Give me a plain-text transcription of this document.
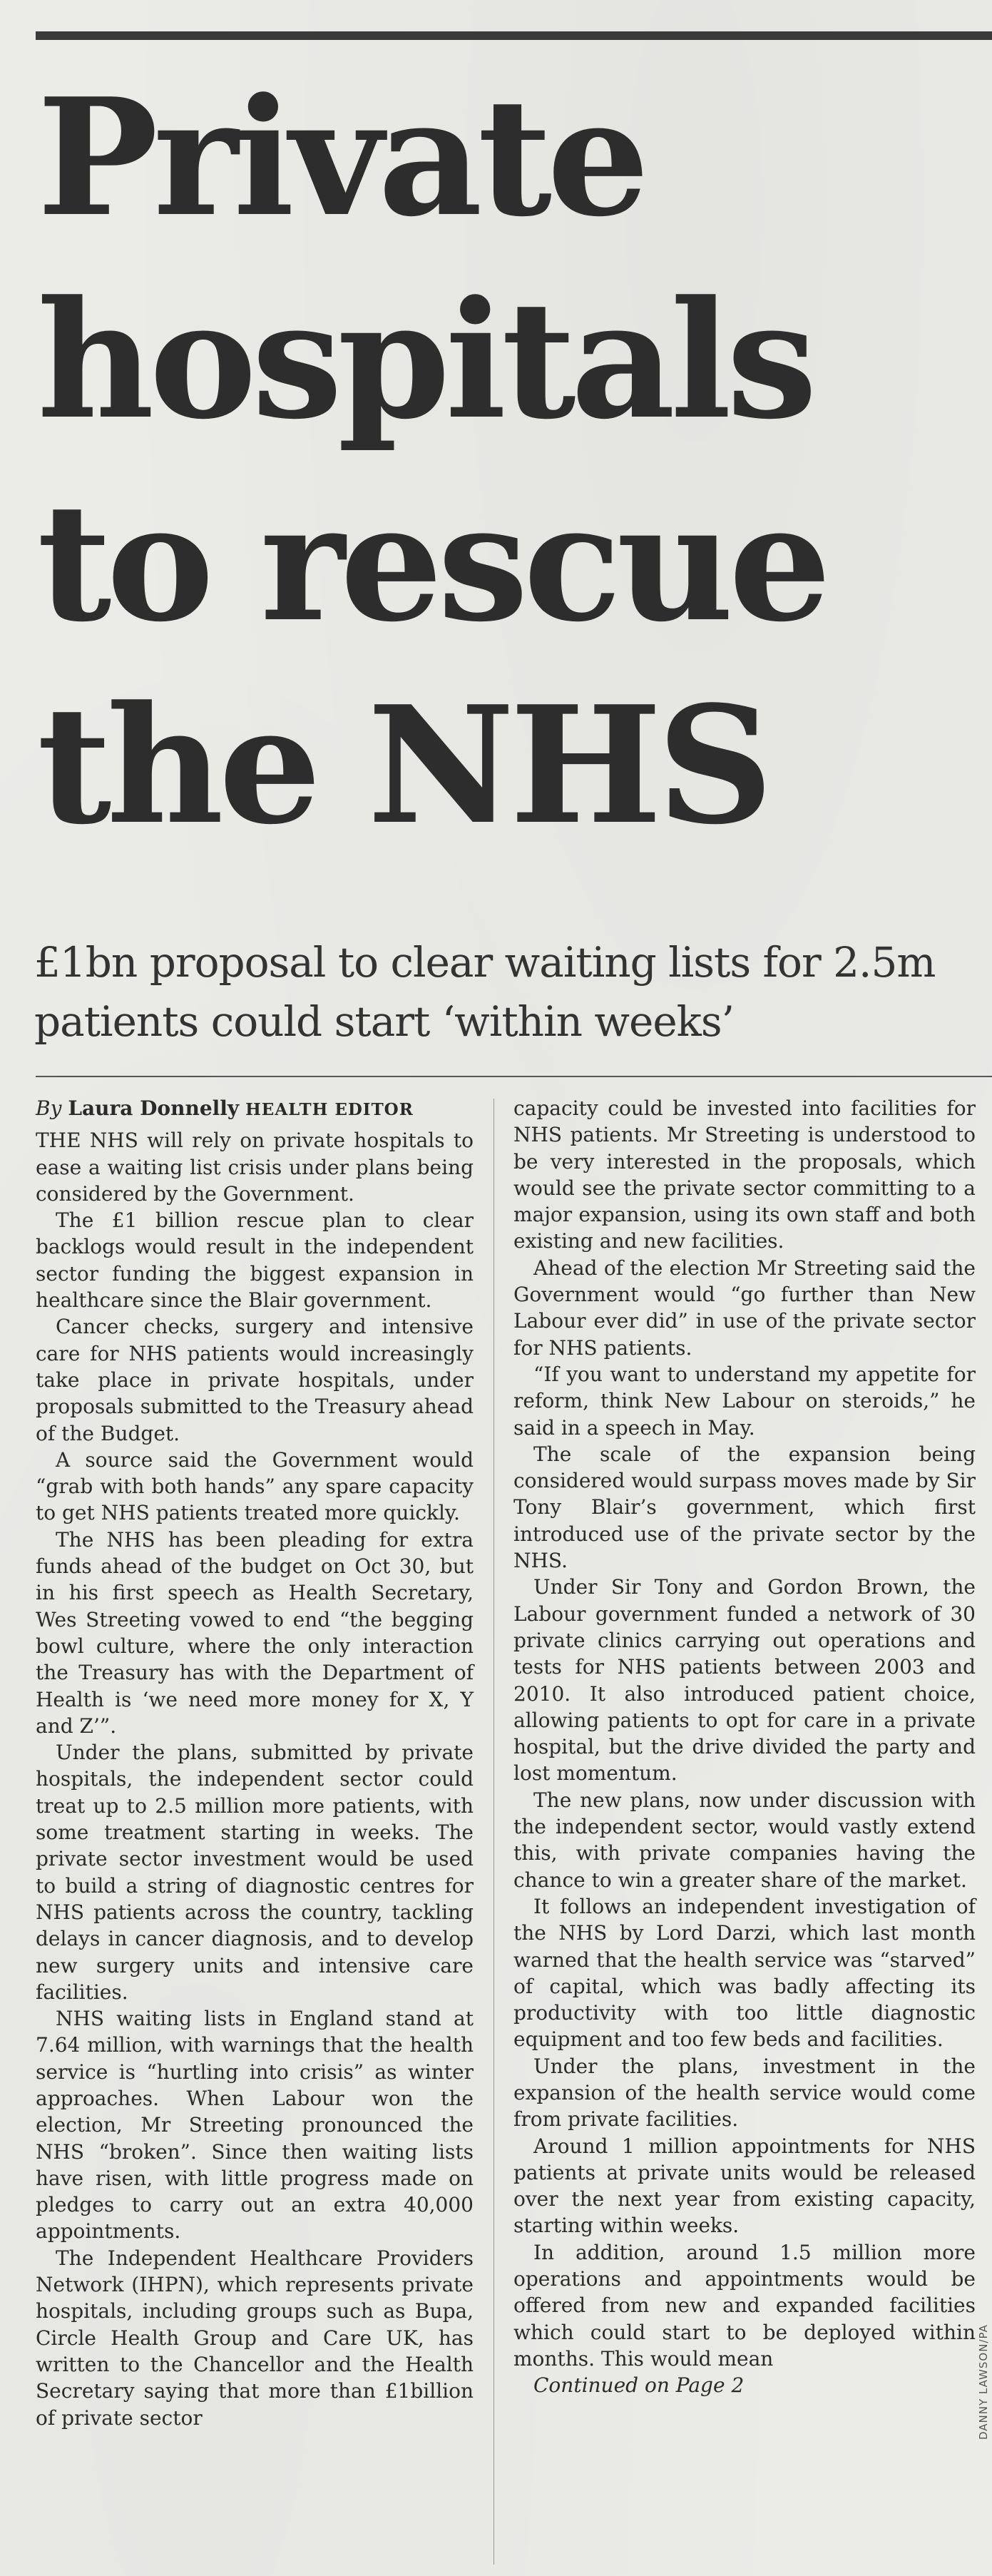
Private hospitals to rescue the NHS
£1bn proposal to clear waiting lists for 2.5m patients could start ‘within weeks’
By Laura Donnelly HEALTH EDITOR

THE NHS will rely on private hospitals to ease a waiting list crisis under plans being considered by the Government.

The £1 billion rescue plan to clear backlogs would result in the independent sector funding the biggest expansion in healthcare since the Blair government.

Cancer checks, surgery and intensive care for NHS patients would increasingly take place in private hospitals, under proposals submitted to the Treasury ahead of the Budget.

A source said the Government would “grab with both hands” any spare capacity to get NHS patients treated more quickly.

The NHS has been pleading for extra funds ahead of the budget on Oct 30, but in his first speech as Health Secretary, Wes Streeting vowed to end “the begging bowl culture, where the only interaction the Treasury has with the Department of Health is ‘we need more money for X, Y and Z’”.

Under the plans, submitted by private hospitals, the independent sector could treat up to 2.5 million more patients, with some treatment starting in weeks. The private sector investment would be used to build a string of diagnostic centres for NHS patients across the country, tackling delays in cancer diagnosis, and to develop new surgery units and intensive care facilities.

NHS waiting lists in England stand at 7.64 million, with warnings that the health service is “hurtling into crisis” as winter approaches. When Labour won the election, Mr Streeting pronounced the NHS “broken”. Since then waiting lists have risen, with little progress made on pledges to carry out an extra 40,000 appointments.

The Independent Healthcare Providers Network (IHPN), which represents private hospitals, including groups such as Bupa, Circle Health Group and Care UK, has written to the Chancellor and the Health Secretary saying that more than £1billion of private sector

capacity could be invested into facilities for NHS patients. Mr Streeting is understood to be very interested in the proposals, which would see the private sector committing to a major expansion, using its own staff and both existing and new facilities.

Ahead of the election Mr Streeting said the Government would “go further than New Labour ever did” in use of the private sector for NHS patients.

“If you want to understand my appetite for reform, think New Labour on steroids,” he said in a speech in May.

The scale of the expansion being considered would surpass moves made by Sir Tony Blair’s government, which first introduced use of the private sector by the NHS.

Under Sir Tony and Gordon Brown, the Labour government funded a network of 30 private clinics carrying out operations and tests for NHS patients between 2003 and 2010. It also introduced patient choice, allowing patients to opt for care in a private hospital, but the drive divided the party and lost momentum.

The new plans, now under discussion with the independent sector, would vastly extend this, with private companies having the chance to win a greater share of the market.

It follows an independent investigation of the NHS by Lord Darzi, which last month warned that the health service was “starved” of capital, which was badly affecting its productivity with too little diagnostic equipment and too few beds and facilities.

Under the plans, investment in the expansion of the health service would come from private facilities.

Around 1 million appointments for NHS patients at private units would be released over the next year from existing capacity, starting within weeks.

In addition, around 1.5 million more operations and appointments would be offered from new and expanded facilities which could start to be deployed within months. This would mean

Continued on Page 2	DANNY LAWSON/PA
